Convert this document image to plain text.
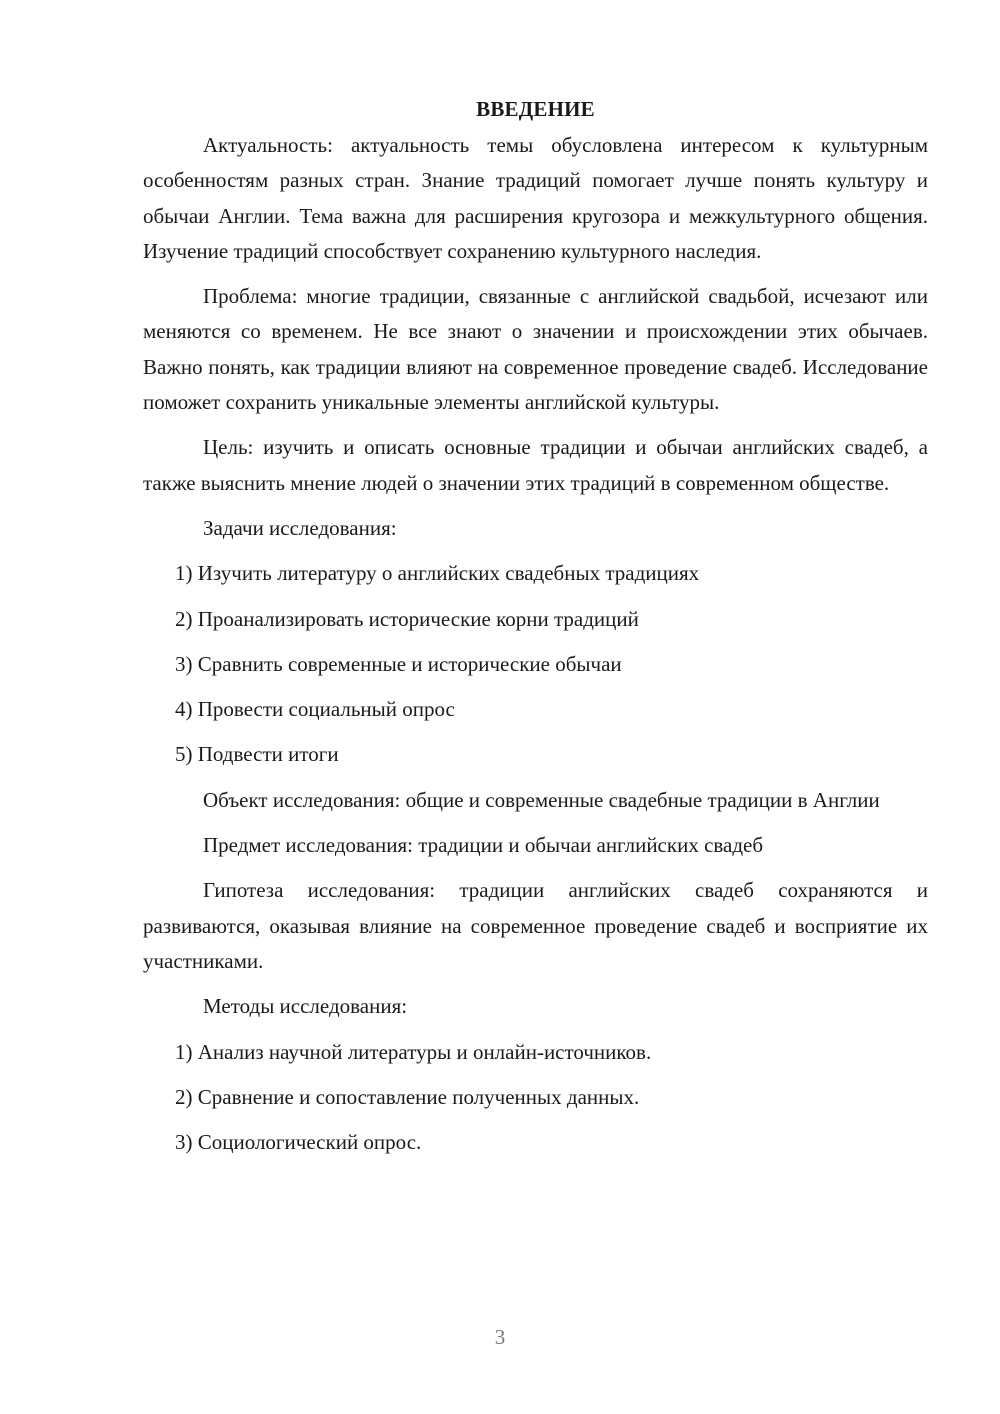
ВВЕДЕНИЕ

Актуальность: актуальность темы обусловлена интересом к культурным особенностям разных стран. Знание традиций помогает лучше понять культуру и обычаи Англии. Тема важна для расширения кругозора и межкультурного общения. Изучение традиций способствует сохранению культурного наследия.

Проблема: многие традиции, связанные с английской свадьбой, исчезают или меняются со временем. Не все знают о значении и происхождении этих обычаев. Важно понять, как традиции влияют на современное проведение свадеб. Исследование поможет сохранить уникальные элементы английской культуры.

Цель: изучить и описать основные традиции и обычаи английских свадеб, а также выяснить мнение людей о значении этих традиций в современном обществе.

Задачи исследования:

1) Изучить литературу о английских свадебных традициях
2) Проанализировать исторические корни традиций
3) Сравнить современные и исторические обычаи
4) Провести социальный опрос
5) Подвести итоги

Объект исследования: общие и современные свадебные традиции в Англии

Предмет исследования: традиции и обычаи английских свадеб

Гипотеза исследования: традиции английских свадеб сохраняются и развиваются, оказывая влияние на современное проведение свадеб и восприятие их участниками.

Методы исследования:

1) Анализ научной литературы и онлайн-источников.
2) Сравнение и сопоставление полученных данных.
3) Социологический опрос.
3
